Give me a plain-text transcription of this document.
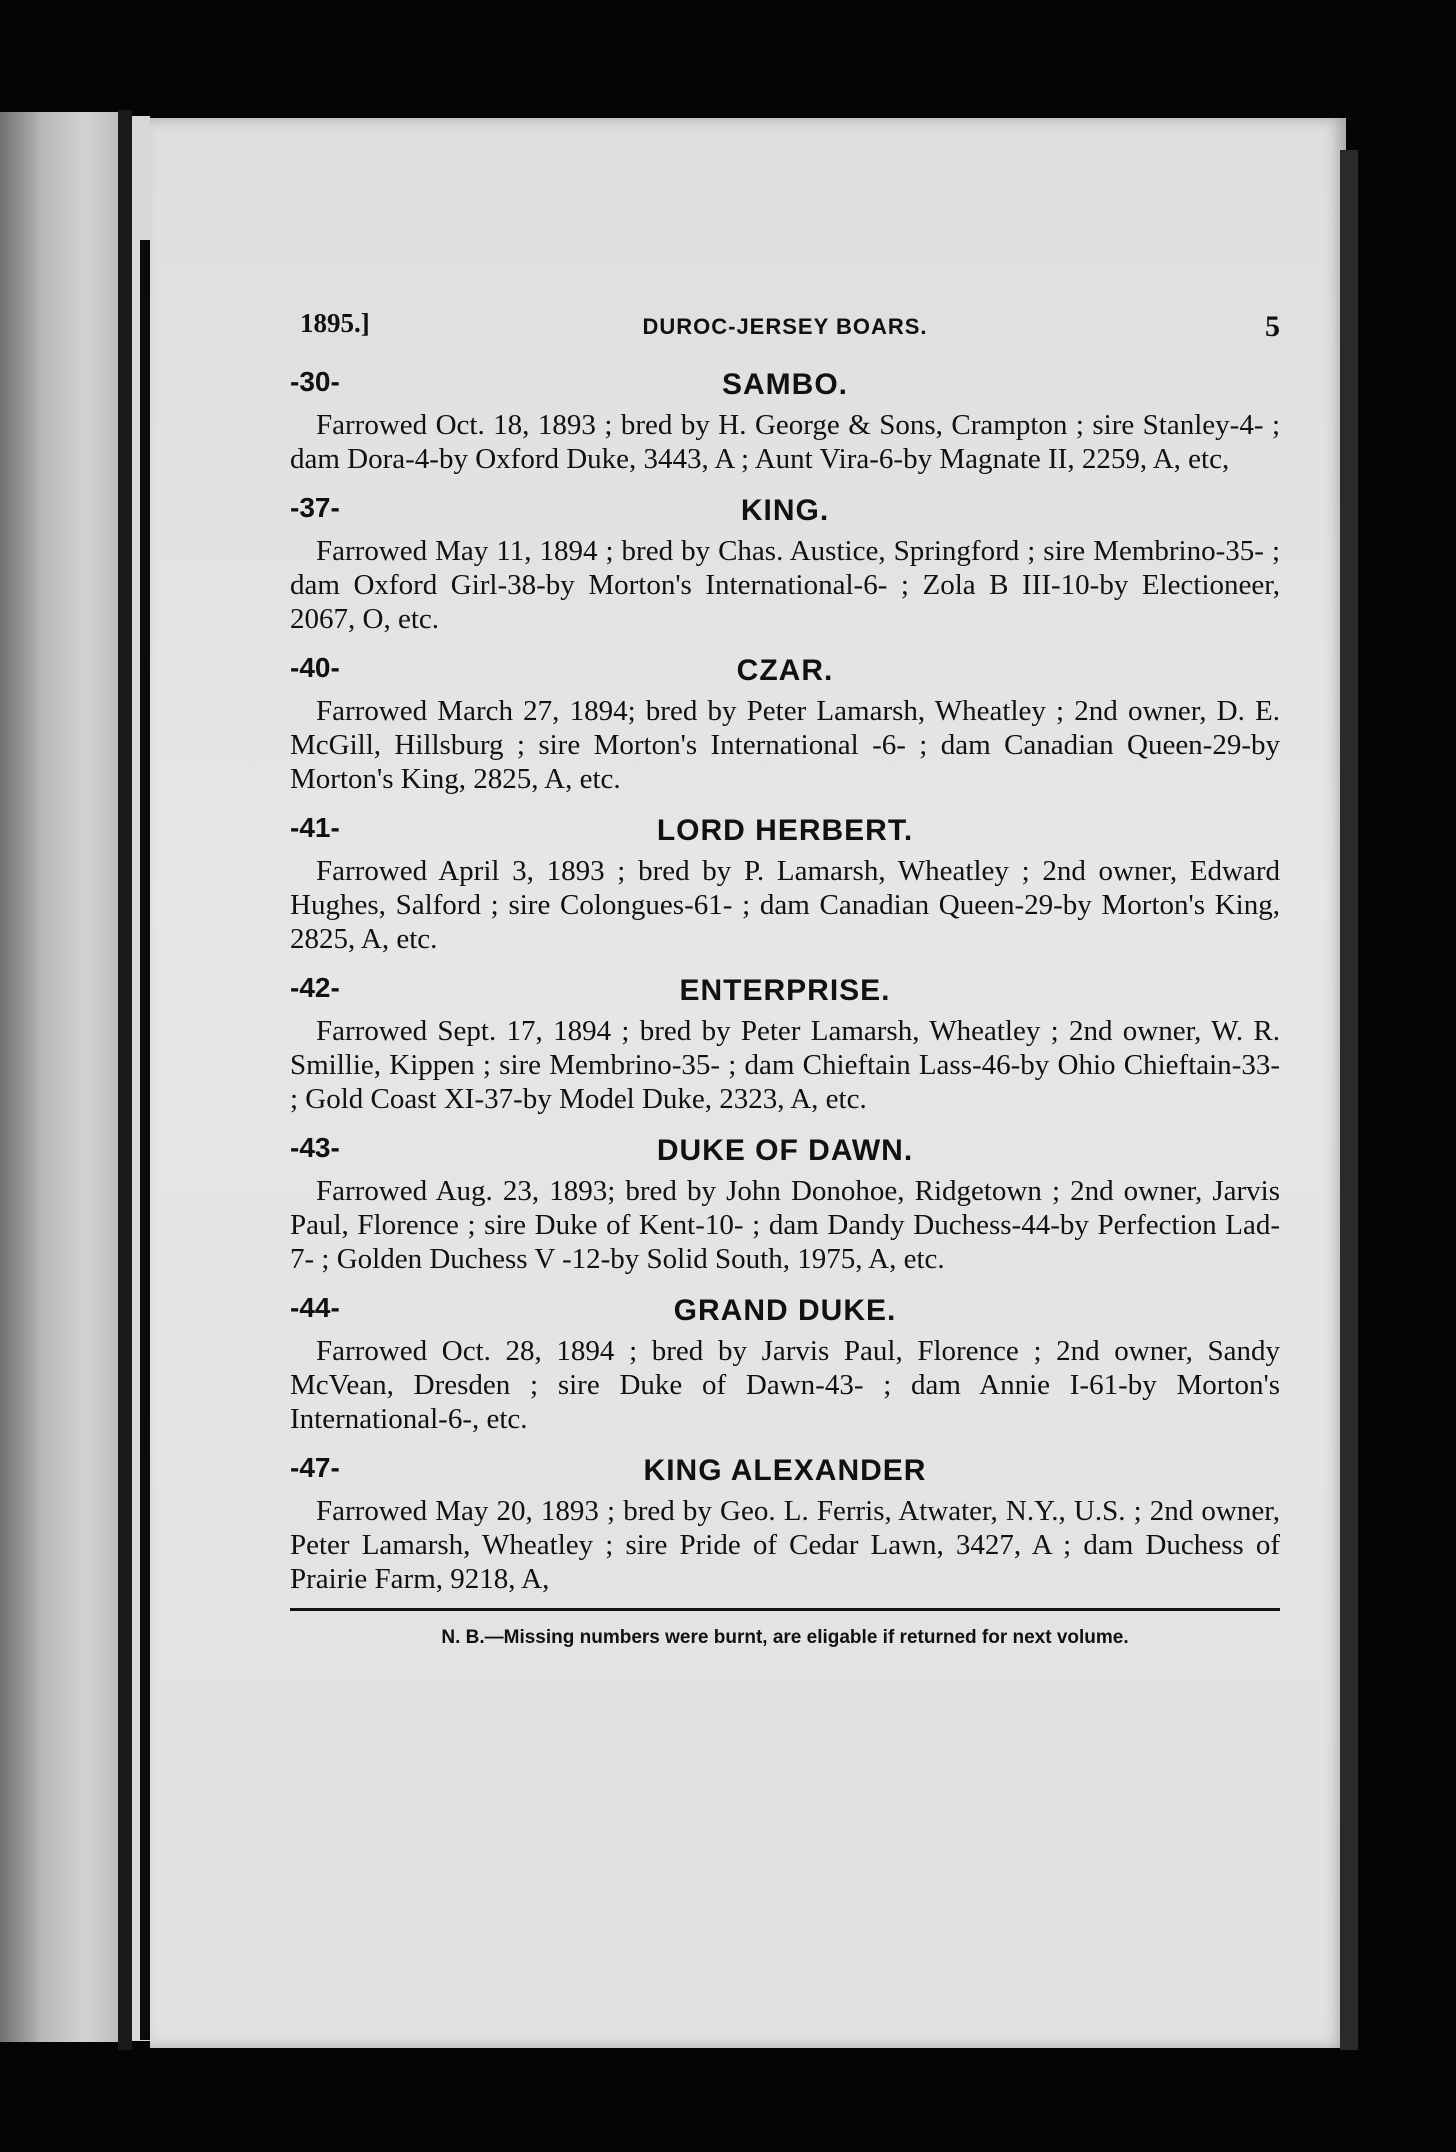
1895.]	DUROC-JERSEY BOARS.	5
-30-	SAMBO.

Farrowed Oct. 18, 1893 ; bred by H. George & Sons, Crampton ; sire Stanley-4- ; dam Dora-4-by Oxford Duke, 3443, A ; Aunt Vira-6-by Magnate II, 2259, A, etc,

-37-	KING.

Farrowed May 11, 1894 ; bred by Chas. Austice, Springford ; sire Membrino-35- ; dam Oxford Girl-38-by Morton's International-6- ; Zola B III-10-by Electioneer, 2067, O, etc.

-40-	CZAR.

Farrowed March 27, 1894; bred by Peter Lamarsh, Wheatley ; 2nd owner, D. E. McGill, Hillsburg ; sire Morton's International -6- ; dam Canadian Queen-29-by Morton's King, 2825, A, etc.

-41-	LORD HERBERT.

Farrowed April 3, 1893 ; bred by P. Lamarsh, Wheatley ; 2nd owner, Edward Hughes, Salford ; sire Colongues-61- ; dam Canadian Queen-29-by Morton's King, 2825, A, etc.

-42-	ENTERPRISE.

Farrowed Sept. 17, 1894 ; bred by Peter Lamarsh, Wheatley ; 2nd owner, W. R. Smillie, Kippen ; sire Membrino-35- ; dam Chieftain Lass-46-by Ohio Chieftain-33- ; Gold Coast XI-37-by Model Duke, 2323, A, etc.

-43-	DUKE OF DAWN.

Farrowed Aug. 23, 1893; bred by John Donohoe, Ridgetown ; 2nd owner, Jarvis Paul, Florence ; sire Duke of Kent-10- ; dam Dandy Duchess-44-by Perfection Lad-7- ; Golden Duchess V -12-by Solid South, 1975, A, etc.

-44-	GRAND DUKE.

Farrowed Oct. 28, 1894 ; bred by Jarvis Paul, Florence ; 2nd owner, Sandy McVean, Dresden ; sire Duke of Dawn-43- ; dam Annie I-61-by Morton's International-6-, etc.

-47-	KING ALEXANDER

Farrowed May 20, 1893 ; bred by Geo. L. Ferris, Atwater, N.Y., U.S. ; 2nd owner, Peter Lamarsh, Wheatley ; sire Pride of Cedar Lawn, 3427, A ; dam Duchess of Prairie Farm, 9218, A,

N. B.—Missing numbers were burnt, are eligable if returned for next volume.
